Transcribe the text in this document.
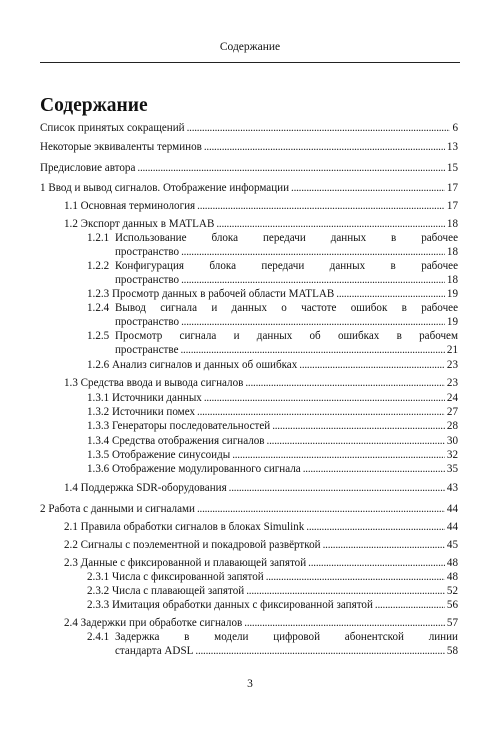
Содержание
Содержание
Список принятых сокращений . . .	6
Некоторые эквиваленты терминов . . .	13
Предисловие автора . . .	15
1 Ввод и вывод сигналов. Отображение информации . . .	17
1.1 Основная терминология . . .	17
1.2 Экспорт данных в MATLAB . . .	18
1.2.1 Использование блока передачи данных в рабочее
пространство . . .	18
1.2.2 Конфигурация блока передачи данных в рабочее
пространство . . .	18
1.2.3 Просмотр данных в рабочей области MATLAB . . .	19
1.2.4 Вывод сигнала и данных о частоте ошибок в рабочее
пространство . . .	19
1.2.5 Просмотр сигнала и данных об ошибках в рабочем
пространстве . . .	21
1.2.6 Анализ сигналов и данных об ошибках . . .	23
1.3 Средства ввода и вывода сигналов . . .	23
1.3.1 Источники данных . . .	24
1.3.2 Источники помех . . .	27
1.3.3 Генераторы последовательностей . . .	28
1.3.4 Средства отображения сигналов . . .	30
1.3.5 Отображение синусоиды . . .	32
1.3.6 Отображение модулированного сигнала . . .	35
1.4 Поддержка SDR-оборудования . . .	43
2 Работа с данными и сигналами . . .	44
2.1 Правила обработки сигналов в блоках Simulink . . .	44
2.2 Сигналы с поэлементной и покадровой развёрткой . . .	45
2.3 Данные с фиксированной и плавающей запятой . . .	48
2.3.1 Числа с фиксированной запятой . . .	48
2.3.2 Числа с плавающей запятой . . .	52
2.3.3 Имитация обработки данных с фиксированной запятой . . .	56
2.4 Задержки при обработке сигналов . . .	57
2.4.1 Задержка в модели цифровой абонентской линии
стандарта ADSL . . .	58
3
